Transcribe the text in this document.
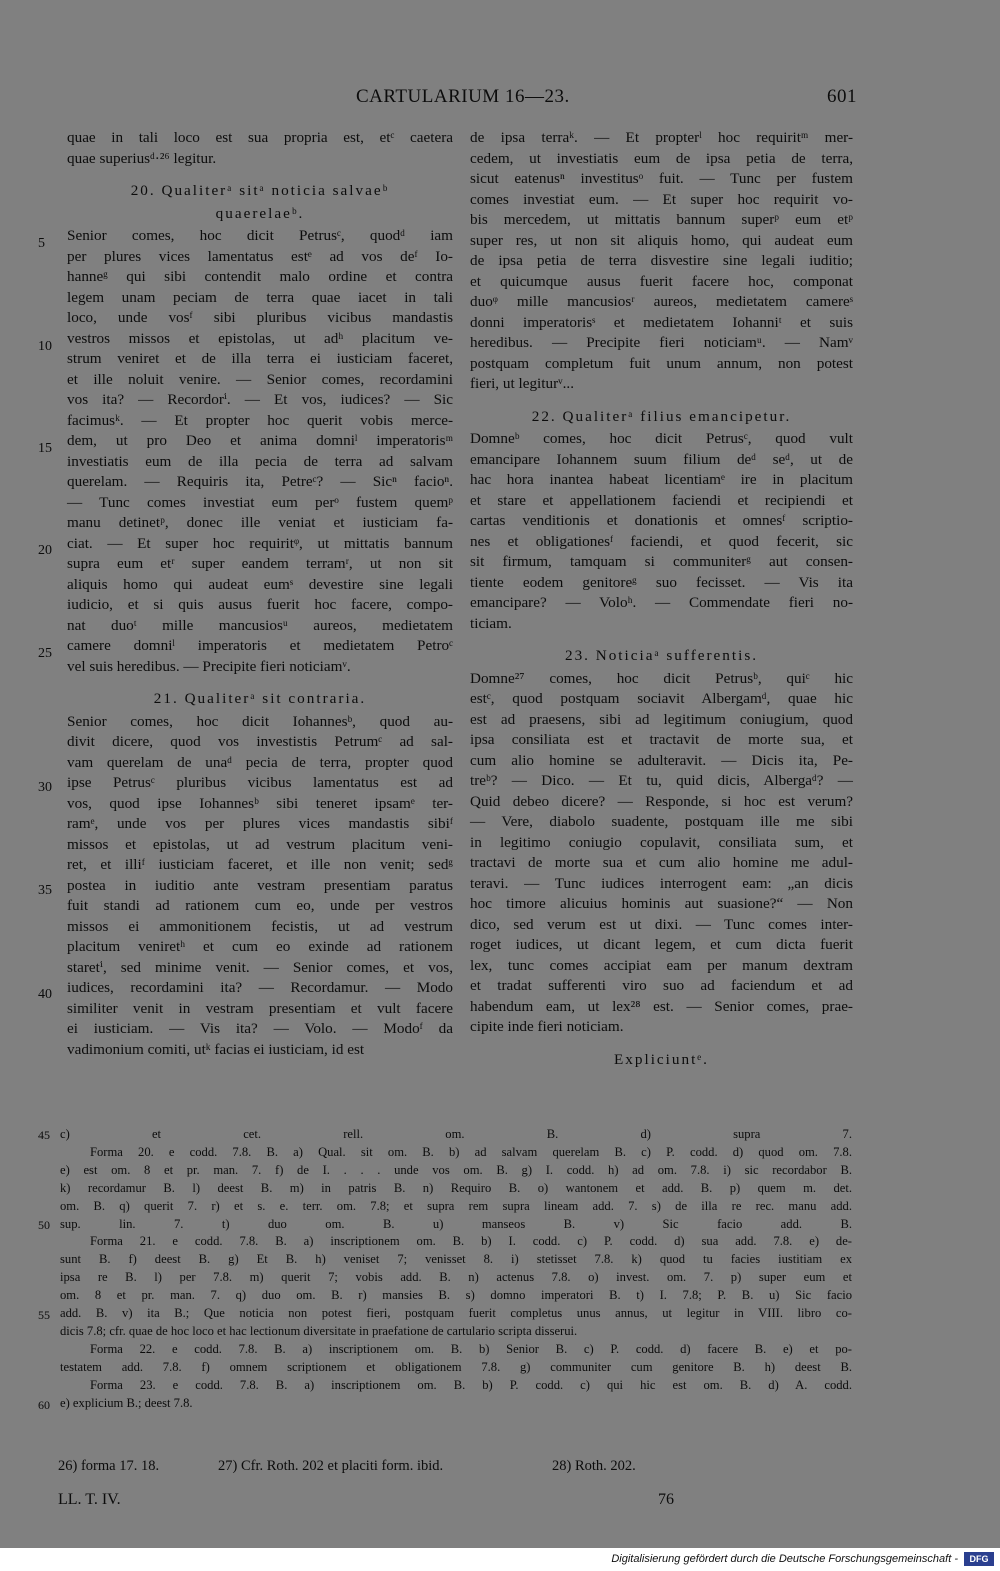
CARTULARIUM 16—23.	601
quae in tali loco est sua propria est, etᶜ caetera
quae superiusᵈ·²⁶ legitur.
20. Qualiterᵃ sitᵃ noticia salvaeᵇ
quaerelaeᵇ.
Senior comes, hoc dicit Petrusᶜ, quodᵈ iam
per plures vices lamentatus estᵉ ad vos deᶠ Io-
hanneᵍ qui sibi contendit malo ordine et contra
legem unam peciam de terra quae iacet in tali
loco, unde vosᶠ sibi pluribus vicibus mandastis
vestros missos et epistolas, ut adʰ placitum ve-
strum veniret et de illa terra ei iusticiam faceret,
et ille noluit venire. — Senior comes, recordamini
vos ita? — Recordorⁱ. — Et vos, iudices? — Sic
facimusᵏ. — Et propter hoc querit vobis merce-
dem, ut pro Deo et anima domniˡ imperatorisᵐ
investiatis eum de illa pecia de terra ad salvam
querelam. — Requiris ita, Petreᶜ? — Sicⁿ facioⁿ.
— Tunc comes investiat eum perᵒ fustem quemᵖ
manu detinetᵖ, donec ille veniat et iusticiam fa-
ciat. — Et super hoc requiritᵠ, ut mittatis bannum
supra eum etʳ super eandem terramʳ, ut non sit
aliquis homo qui audeat eumˢ devestire sine legali
iudicio, et si quis ausus fuerit hoc facere, compo-
nat duoᵗ mille mancusiosᵘ aureos, medietatem
camere domniˡ imperatoris et medietatem Petroᶜ
vel suis heredibus. — Precipite fieri noticiamᵛ.
21. Qualiterᵃ sit contraria.
Senior comes, hoc dicit Iohannesᵇ, quod au-
divit dicere, quod vos investistis Petrumᶜ ad sal-
vam querelam de unaᵈ pecia de terra, propter quod
ipse Petrusᶜ pluribus vicibus lamentatus est ad
vos, quod ipse Iohannesᵇ sibi teneret ipsamᵉ ter-
ramᵉ, unde vos per plures vices mandastis sibiᶠ
missos et epistolas, ut ad vestrum placitum veni-
ret, et illiᶠ iusticiam faceret, et ille non venit; sedᵍ
postea in iuditio ante vestram presentiam paratus
fuit standi ad rationem cum eo, unde per vestros
missos ei ammonitionem fecistis, ut ad vestrum
placitum veniretʰ et cum eo exinde ad rationem
staretⁱ, sed minime venit. — Senior comes, et vos,
iudices, recordamini ita? — Recordamur. — Modo
similiter venit in vestram presentiam et vult facere
ei iusticiam. — Vis ita? — Volo. — Modoᶠ da
vadimonium comiti, utᵏ facias ei iusticiam, id est
de ipsa terraᵏ. — Et propterˡ hoc requiritᵐ mer-
cedem, ut investiatis eum de ipsa petia de terra,
sicut eatenusⁿ investitusᵒ fuit. — Tunc per fustem
comes investiat eum. — Et super hoc requirit vo-
bis mercedem, ut mittatis bannum superᵖ eum etᵖ
super res, ut non sit aliquis homo, qui audeat eum
de ipsa petia de terra disvestire sine legali iuditio;
et quicumque ausus fuerit facere hoc, componat
duoᵠ mille mancusiosʳ aureos, medietatem camereˢ
donni imperatorisˢ et medietatem Iohanniᵗ et suis
heredibus. — Precipite fieri noticiamᵘ. — Namᵛ
postquam completum fuit unum annum, non potest
fieri, ut legiturᵛ...
22. Qualiterᵃ filius emancipetur.
Domneᵇ comes, hoc dicit Petrusᶜ, quod vult
emancipare Iohannem suum filium deᵈ seᵈ, ut de
hac hora inantea habeat licentiamᵉ ire in placitum
et stare et appellationem faciendi et recipiendi et
cartas venditionis et donationis et omnesᶠ scriptio-
nes et obligationesᶠ faciendi, et quod fecerit, sic
sit firmum, tamquam si communiterᵍ aut consen-
tiente eodem genitoreᵍ suo fecisset. — Vis ita
emancipare? — Voloʰ. — Commendate fieri no-
ticiam.
23. Noticiaᵃ sufferentis.
Domne²⁷ comes, hoc dicit Petrusᵇ, quiᶜ hic
estᶜ, quod postquam sociavit Albergamᵈ, quae hic
est ad praesens, sibi ad legitimum coniugium, quod
ipsa consiliata est et tractavit de morte sua, et
cum alio homine se adulteravit. — Dicis ita, Pe-
treᵇ? — Dico. — Et tu, quid dicis, Albergaᵈ? —
Quid debeo dicere? — Responde, si hoc est verum?
— Vere, diabolo suadente, postquam ille me sibi
in legitimo coniugio copulavit, consiliata sum, et
tractavi de morte sua et cum alio homine me adul-
teravi. — Tunc iudices interrogent eam: „an dicis
hoc timore alicuius hominis aut suasione?“ — Non
dico, sed verum est ut dixi. — Tunc comes inter-
roget iudices, ut dicant legem, et cum dicta fuerit
lex, tunc comes accipiat eam per manum dextram
et tradat sufferenti viro suo ad faciendum et ad
habendum eam, ut lex²⁸ est. — Senior comes, prae-
cipite inde fieri noticiam.
Expliciuntᵉ.
5
10
15
20
25
30
35
40
45
50
55
60
c) et cet. rell. om. B. d) supra 7.
Forma 20. e codd. 7.8. B. a) Qual. sit om. B. b) ad salvam querelam B. c) P. codd. d) quod om. 7.8.
e) est om. 8 et pr. man. 7. f) de I. . . . unde vos om. B. g) I. codd. h) ad om. 7.8. i) sic recordabor B.
k) recordamur B. l) deest B. m) in patris B. n) Requiro B. o) wantonem et add. B. p) quem m. det.
om. B. q) querit 7. r) et s. e. terr. om. 7.8; et supra rem supra lineam add. 7. s) de illa re rec. manu add.
sup. lin. 7. t) duo om. B. u) manseos B. v) Sic facio add. B.
Forma 21. e codd. 7.8. B. a) inscriptionem om. B. b) I. codd. c) P. codd. d) sua add. 7.8. e) de-
sunt B. f) deest B. g) Et B. h) veniset 7; venisset 8. i) stetisset 7.8. k) quod tu facies iustitiam ex
ipsa re B. l) per 7.8. m) querit 7; vobis add. B. n) actenus 7.8. o) invest. om. 7. p) super eum et
om. 8 et pr. man. 7. q) duo om. B. r) mansies B. s) domno imperatori B. t) I. 7.8; P. B. u) Sic facio
add. B. v) ita B.; Que noticia non potest fieri, postquam fuerit completus unus annus, ut legitur in VIII. libro co-
dicis 7.8; cfr. quae de hoc loco et hac lectionum diversitate in praefatione de cartulario scripta disserui.
Forma 22. e codd. 7.8. B. a) inscriptionem om. B. b) Senior B. c) P. codd. d) facere B. e) et po-
testatem add. 7.8. f) omnem scriptionem et obligationem 7.8. g) communiter cum genitore B. h) deest B.
Forma 23. e codd. 7.8. B. a) inscriptionem om. B. b) P. codd. c) qui hic est om. B. d) A. codd.
e) explicium B.; deest 7.8.
26) forma 17. 18.	27) Cfr. Roth. 202 et placiti form. ibid.	28) Roth. 202.
LL. T. IV.	76
Digitalisierung gefördert durch die Deutsche Forschungsgemeinschaft -	DFG
